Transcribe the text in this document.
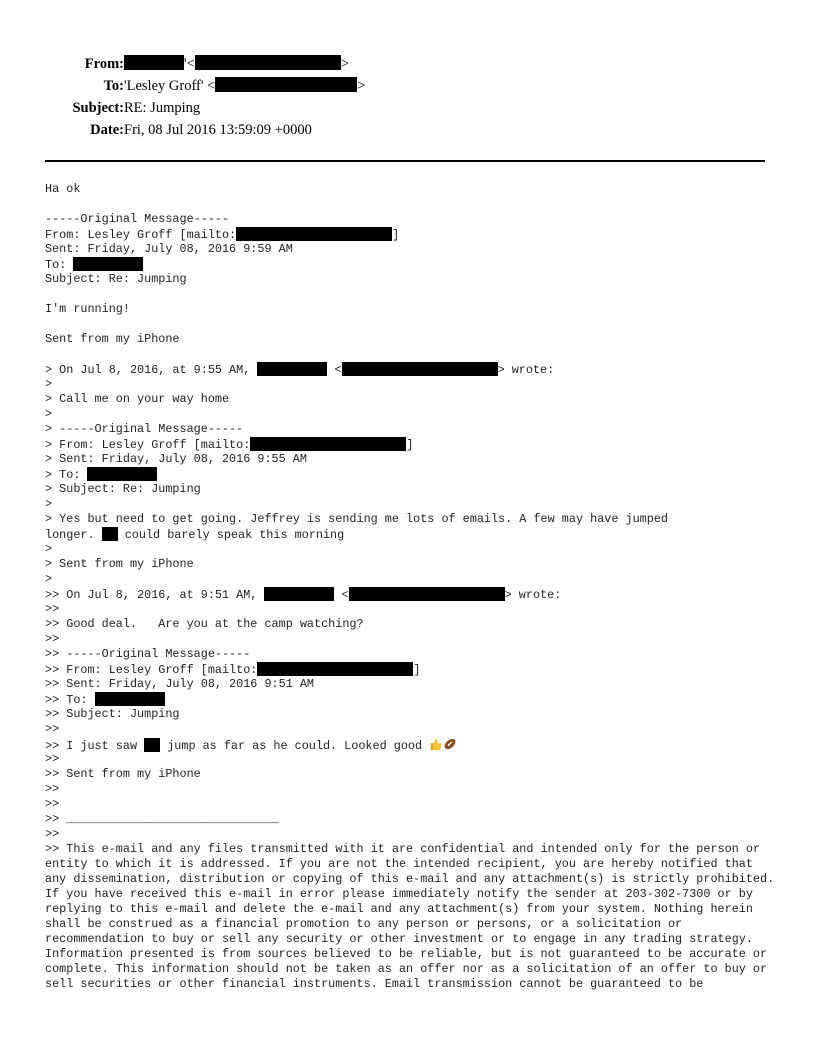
From:	'<	>
To: 'Lesley Groff' <	>
Subject: RE: Jumping
Date: Fri, 08 Jul 2016 13:59:09 +0000
Ha ok
-----Original Message-----
From: Lesley Groff [mailto:	]
Sent: Friday, July 08, 2016 9:59 AM
To:
Subject: Re: Jumping
I'm running!
Sent from my iPhone
> On Jul 8, 2016, at 9:55 AM,	<	> wrote:
>
> Call me on your way home
>
> -----Original Message-----
> From: Lesley Groff [mailto:	]
> Sent: Friday, July 08, 2016 9:55 AM
> To:
> Subject: Re: Jumping
>
> Yes but need to get going. Jeffrey is sending me lots of emails. A few may have jumped
longer.  could barely speak this morning
>
> Sent from my iPhone
>
>> On Jul 8, 2016, at 9:51 AM,	<	> wrote:
>>
>> Good deal.   Are you at the camp watching?
>>
>> -----Original Message-----
>> From: Lesley Groff [mailto:	]
>> Sent: Friday, July 08, 2016 9:51 AM
>> To:
>> Subject: Jumping
>>
>> I just saw  jump as far as he could. Looked good
>>
>> Sent from my iPhone
>>
>>
>> ______________________________
>>
>> This e-mail and any files transmitted with it are confidential and intended only for the person or entity to which it is addressed. If you are not the intended recipient, you are hereby notified that any dissemination, distribution or copying of this e-mail and any attachment(s) is strictly prohibited. If you have received this e-mail in error please immediately notify the sender at 203-302-7300 or by replying to this e-mail and delete the e-mail and any attachment(s) from your system. Nothing herein shall be construed as a financial promotion to any person or persons, or a solicitation or recommendation to buy or sell any security or other investment or to engage in any trading strategy. Information presented is from sources believed to be reliable, but is not guaranteed to be accurate or complete. This information should not be taken as an offer nor as a solicitation of an offer to buy or sell securities or other financial instruments. Email transmission cannot be guaranteed to be
